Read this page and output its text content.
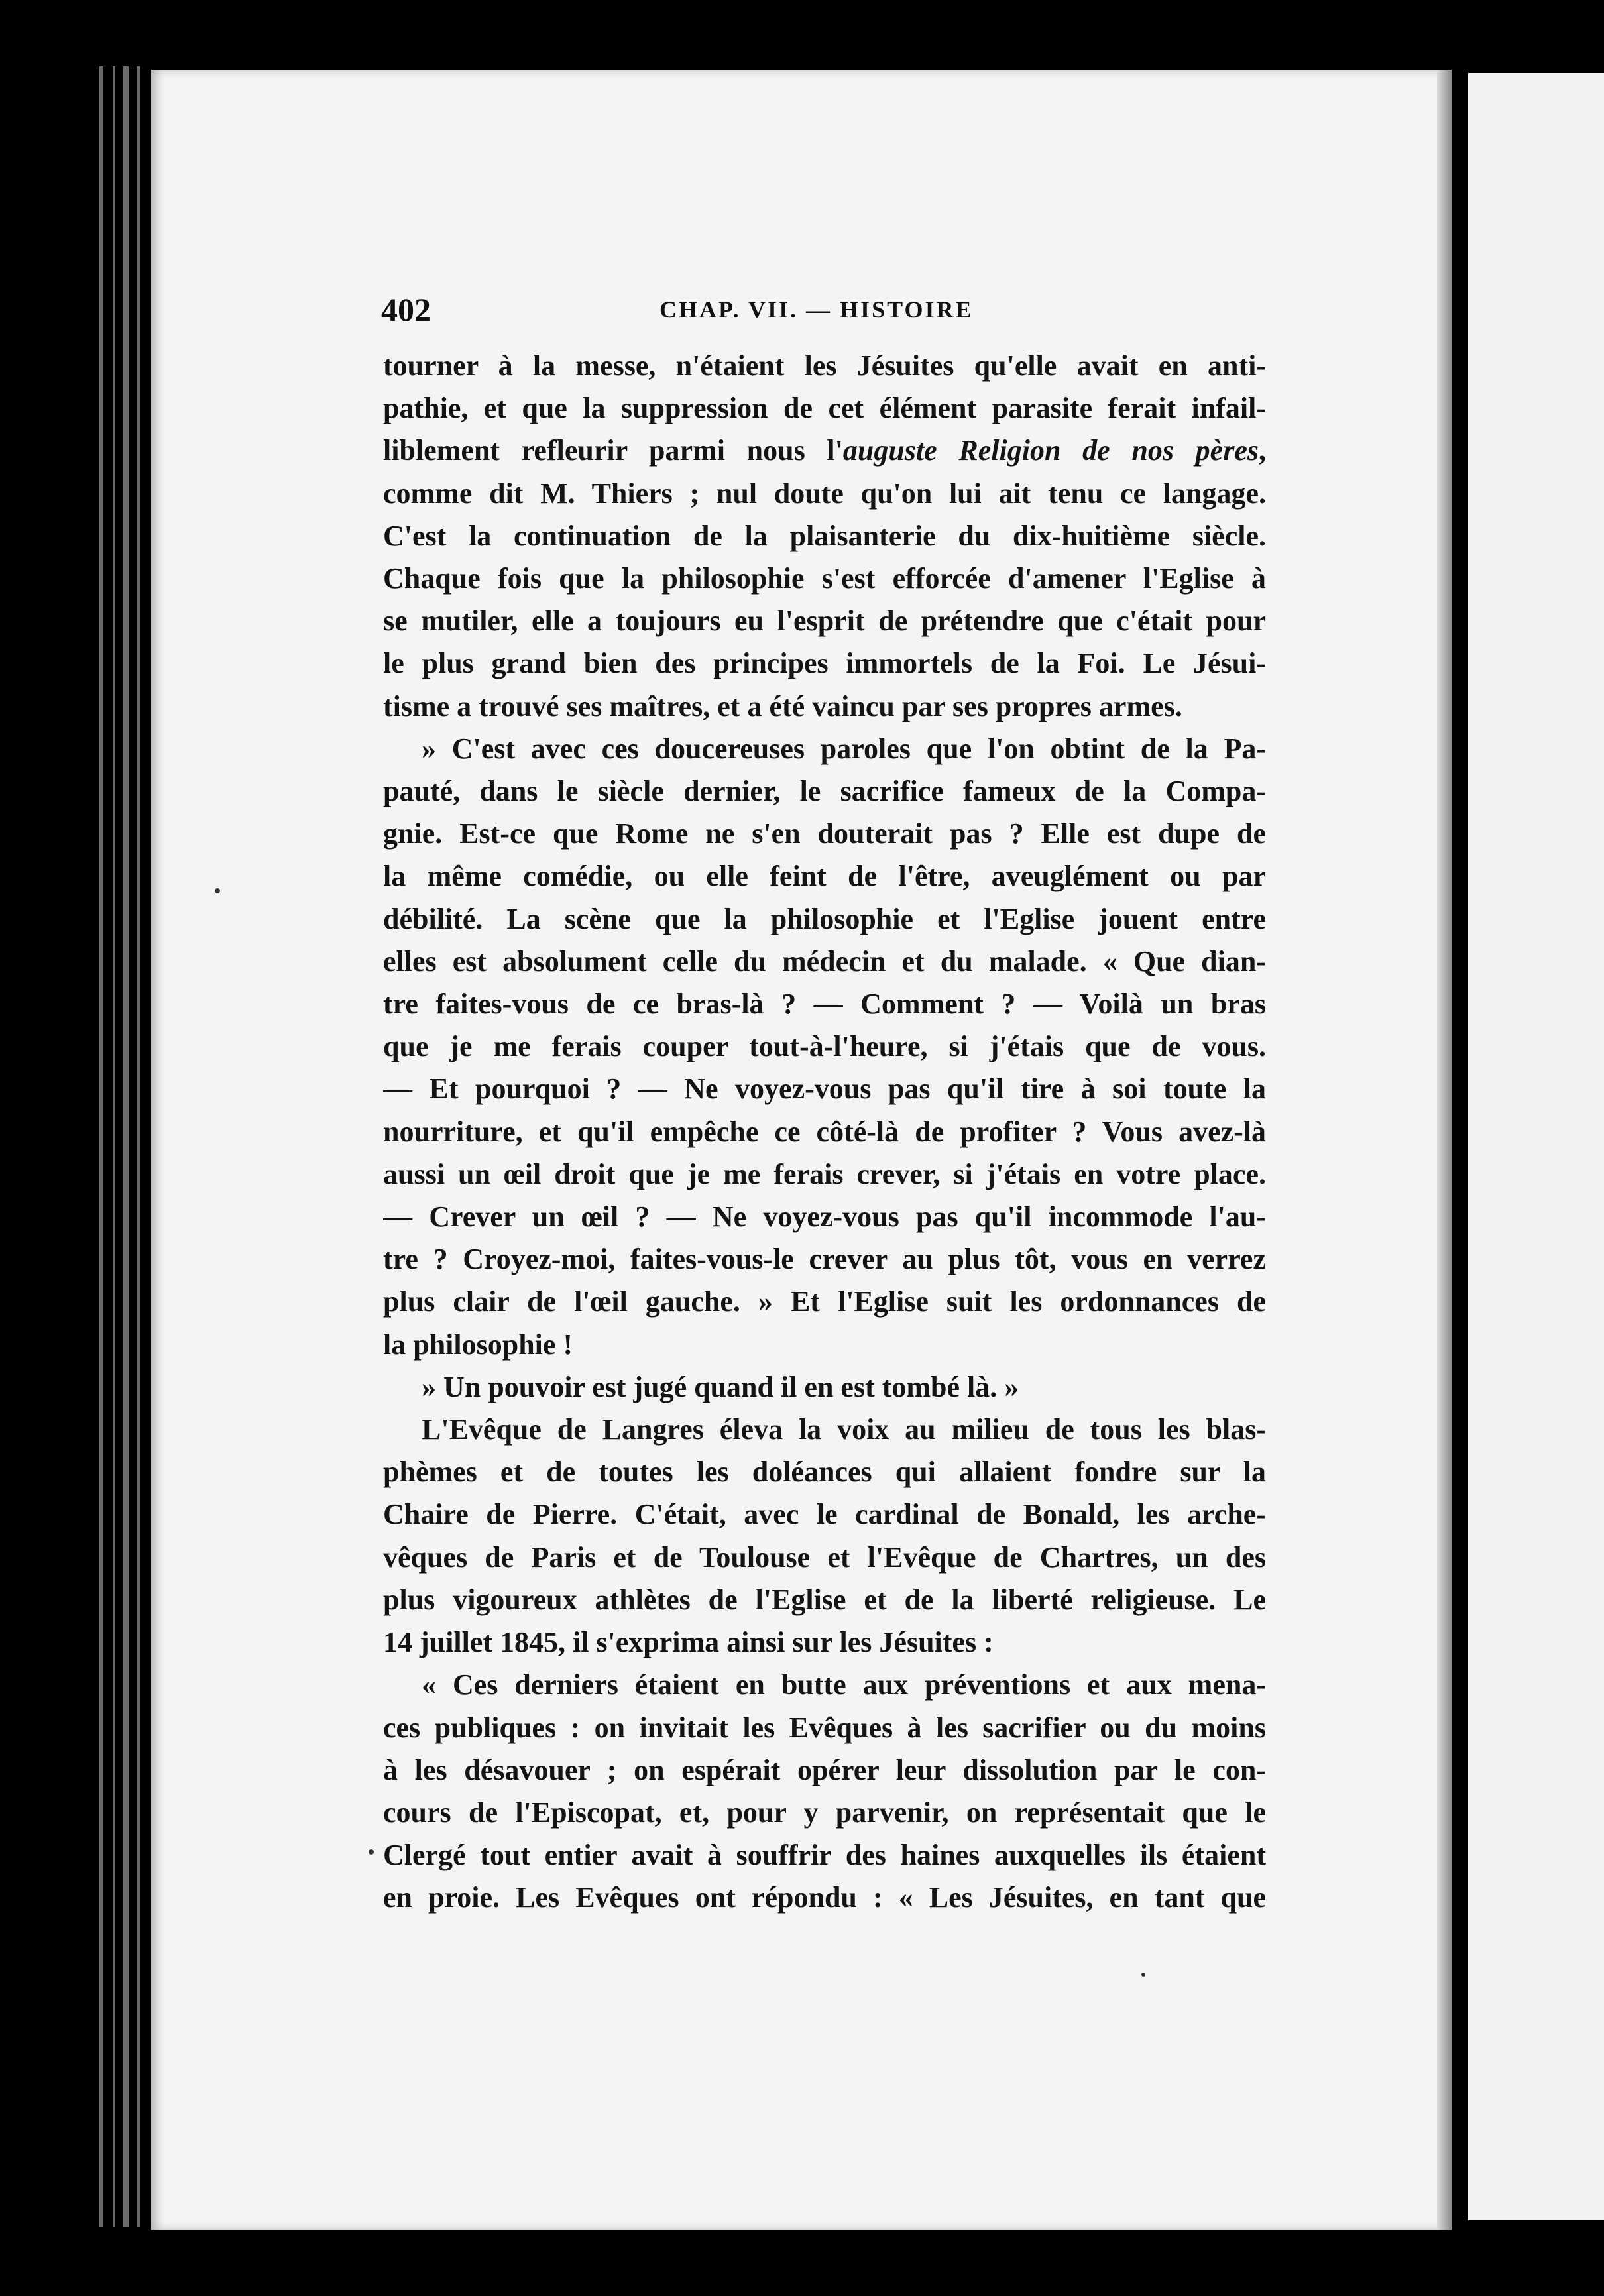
402	CHAP. VII. — HISTOIRE
tourner à la messe, n'étaient les Jésuites qu'elle avait en anti-
pathie, et que la suppression de cet élément parasite ferait infail-
liblement refleurir parmi nous l'auguste Religion de nos pères,
comme dit M. Thiers ; nul doute qu'on lui ait tenu ce langage.
C'est la continuation de la plaisanterie du dix-huitième siècle.
Chaque fois que la philosophie s'est efforcée d'amener l'Eglise à
se mutiler, elle a toujours eu l'esprit de prétendre que c'était pour
le plus grand bien des principes immortels de la Foi. Le Jésui-
tisme a trouvé ses maîtres, et a été vaincu par ses propres armes.
» C'est avec ces doucereuses paroles que l'on obtint de la Pa-
pauté, dans le siècle dernier, le sacrifice fameux de la Compa-
gnie. Est-ce que Rome ne s'en douterait pas ? Elle est dupe de
la même comédie, ou elle feint de l'être, aveuglément ou par
débilité. La scène que la philosophie et l'Eglise jouent entre
elles est absolument celle du médecin et du malade. « Que dian-
tre faites-vous de ce bras-là ? — Comment ? — Voilà un bras
que je me ferais couper tout-à-l'heure, si j'étais que de vous.
— Et pourquoi ? — Ne voyez-vous pas qu'il tire à soi toute la
nourriture, et qu'il empêche ce côté-là de profiter ? Vous avez-là
aussi un œil droit que je me ferais crever, si j'étais en votre place.
— Crever un œil ? — Ne voyez-vous pas qu'il incommode l'au-
tre ? Croyez-moi, faites-vous-le crever au plus tôt, vous en verrez
plus clair de l'œil gauche. » Et l'Eglise suit les ordonnances de
la philosophie !
» Un pouvoir est jugé quand il en est tombé là. »
L'Evêque de Langres éleva la voix au milieu de tous les blas-
phèmes et de toutes les doléances qui allaient fondre sur la
Chaire de Pierre. C'était, avec le cardinal de Bonald, les arche-
vêques de Paris et de Toulouse et l'Evêque de Chartres, un des
plus vigoureux athlètes de l'Eglise et de la liberté religieuse. Le
14 juillet 1845, il s'exprima ainsi sur les Jésuites :
« Ces derniers étaient en butte aux préventions et aux mena-
ces publiques : on invitait les Evêques à les sacrifier ou du moins
à les désavouer ; on espérait opérer leur dissolution par le con-
cours de l'Episcopat, et, pour y parvenir, on représentait que le
Clergé tout entier avait à souffrir des haines auxquelles ils étaient
en proie. Les Evêques ont répondu : « Les Jésuites, en tant que
